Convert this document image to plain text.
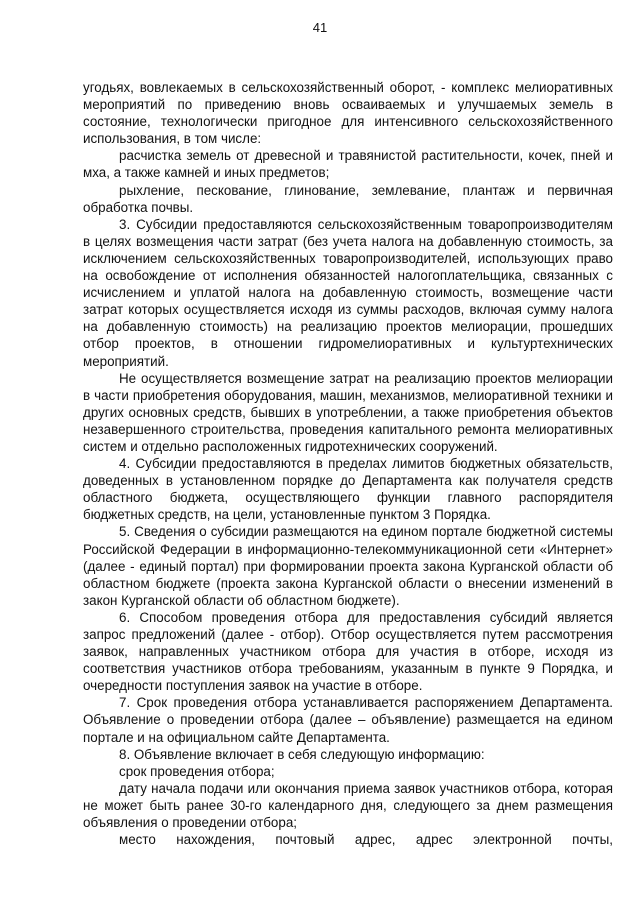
41

угодьях, вовлекаемых в сельскохозяйственный оборот, - комплекс мелиоративных мероприятий по приведению вновь осваиваемых и улучшаемых земель в состояние, технологически пригодное для интенсивного сельскохозяйственного использования, в том числе:

расчистка земель от древесной и травянистой растительности, кочек, пней и мха, а также камней и иных предметов;

рыхление, пескование, глинование, землевание, плантаж и первичная обработка почвы.

3. Субсидии предоставляются сельскохозяйственным товаропроизводителям в целях возмещения части затрат (без учета налога на добавленную стоимость, за исключением сельскохозяйственных товаропроизводителей, использующих право на освобождение от исполнения обязанностей налогоплательщика, связанных с исчислением и уплатой налога на добавленную стоимость, возмещение части затрат которых осуществляется исходя из суммы расходов, включая сумму налога на добавленную стоимость) на реализацию проектов мелиорации, прошедших отбор проектов, в отношении гидромелиоративных и культуртехнических мероприятий.

Не осуществляется возмещение затрат на реализацию проектов мелиорации в части приобретения оборудования, машин, механизмов, мелиоративной техники и других основных средств, бывших в употреблении, а также приобретения объектов незавершенного строительства, проведения капитального ремонта мелиоративных систем и отдельно расположенных гидротехнических сооружений.

4. Субсидии предоставляются в пределах лимитов бюджетных обязательств, доведенных в установленном порядке до Департамента как получателя средств областного бюджета, осуществляющего функции главного распорядителя бюджетных средств, на цели, установленные пунктом 3 Порядка.

5. Сведения о субсидии размещаются на едином портале бюджетной системы Российской Федерации в информационно-телекоммуникационной сети «Интернет» (далее - единый портал) при формировании проекта закона Курганской области об областном бюджете (проекта закона Курганской области о внесении изменений в закон Курганской области об областном бюджете).

6. Способом проведения отбора для предоставления субсидий является запрос предложений (далее - отбор). Отбор осуществляется путем рассмотрения заявок, направленных участником отбора для участия в отборе, исходя из соответствия участников отбора требованиям, указанным в пункте 9 Порядка, и очередности поступления заявок на участие в отборе.

7. Срок проведения отбора устанавливается распоряжением Департамента. Объявление о проведении отбора (далее – объявление) размещается на едином портале и на официальном сайте Департамента.

8. Объявление включает в себя следующую информацию:

срок проведения отбора;

дату начала подачи или окончания приема заявок участников отбора, которая не может быть ранее 30-го календарного дня, следующего за днем размещения объявления о проведении отбора;

место нахождения, почтовый адрес, адрес электронной почты,
